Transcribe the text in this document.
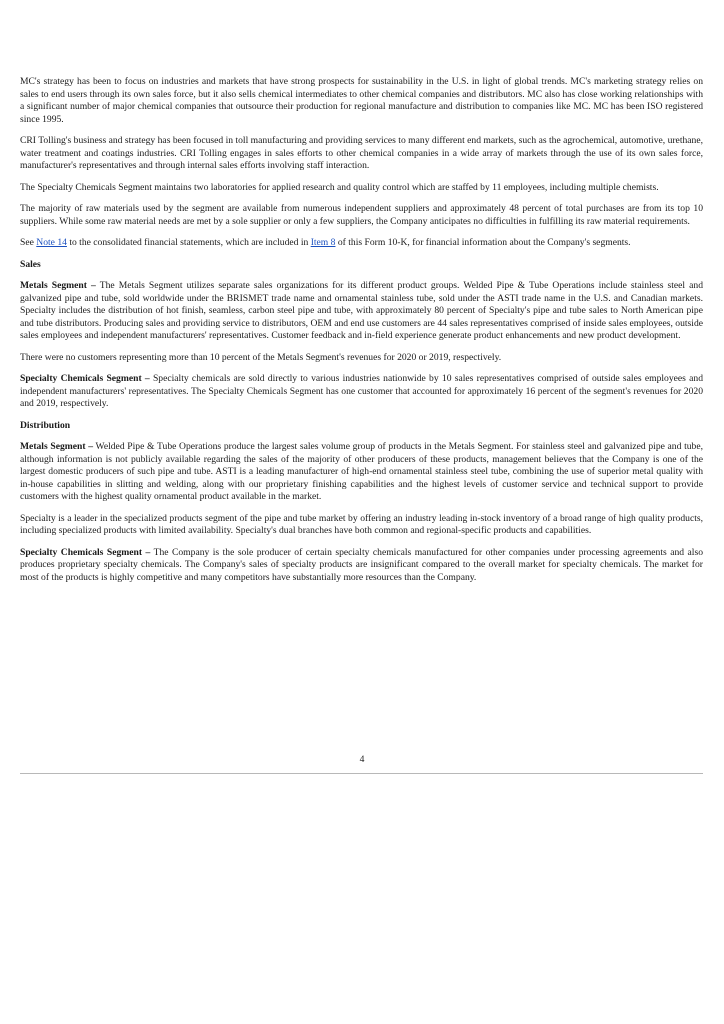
MC's strategy has been to focus on industries and markets that have strong prospects for sustainability in the U.S. in light of global trends. MC's marketing strategy relies on sales to end users through its own sales force, but it also sells chemical intermediates to other chemical companies and distributors. MC also has close working relationships with a significant number of major chemical companies that outsource their production for regional manufacture and distribution to companies like MC. MC has been ISO registered since 1995.

CRI Tolling's business and strategy has been focused in toll manufacturing and providing services to many different end markets, such as the agrochemical, automotive, urethane, water treatment and coatings industries. CRI Tolling engages in sales efforts to other chemical companies in a wide array of markets through the use of its own sales force, manufacturer's representatives and through internal sales efforts involving staff interaction.

The Specialty Chemicals Segment maintains two laboratories for applied research and quality control which are staffed by 11 employees, including multiple chemists.

The majority of raw materials used by the segment are available from numerous independent suppliers and approximately 48 percent of total purchases are from its top 10 suppliers. While some raw material needs are met by a sole supplier or only a few suppliers, the Company anticipates no difficulties in fulfilling its raw material requirements.

See Note 14 to the consolidated financial statements, which are included in Item 8 of this Form 10-K, for financial information about the Company's segments.

Sales

Metals Segment – The Metals Segment utilizes separate sales organizations for its different product groups. Welded Pipe & Tube Operations include stainless steel and galvanized pipe and tube, sold worldwide under the BRISMET trade name and ornamental stainless tube, sold under the ASTI trade name in the U.S. and Canadian markets. Specialty includes the distribution of hot finish, seamless, carbon steel pipe and tube, with approximately 80 percent of Specialty's pipe and tube sales to North American pipe and tube distributors. Producing sales and providing service to distributors, OEM and end use customers are 44 sales representatives comprised of inside sales employees, outside sales employees and independent manufacturers' representatives. Customer feedback and in-field experience generate product enhancements and new product development.

There were no customers representing more than 10 percent of the Metals Segment's revenues for 2020 or 2019, respectively.

Specialty Chemicals Segment – Specialty chemicals are sold directly to various industries nationwide by 10 sales representatives comprised of outside sales employees and independent manufacturers' representatives. The Specialty Chemicals Segment has one customer that accounted for approximately 16 percent of the segment's revenues for 2020 and 2019, respectively.

Distribution

Metals Segment – Welded Pipe & Tube Operations produce the largest sales volume group of products in the Metals Segment. For stainless steel and galvanized pipe and tube, although information is not publicly available regarding the sales of the majority of other producers of these products, management believes that the Company is one of the largest domestic producers of such pipe and tube. ASTI is a leading manufacturer of high-end ornamental stainless steel tube, combining the use of superior metal quality with in-house capabilities in slitting and welding, along with our proprietary finishing capabilities and the highest levels of customer service and technical support to provide customers with the highest quality ornamental product available in the market.

Specialty is a leader in the specialized products segment of the pipe and tube market by offering an industry leading in-stock inventory of a broad range of high quality products, including specialized products with limited availability. Specialty's dual branches have both common and regional-specific products and capabilities.

Specialty Chemicals Segment – The Company is the sole producer of certain specialty chemicals manufactured for other companies under processing agreements and also produces proprietary specialty chemicals. The Company's sales of specialty products are insignificant compared to the overall market for specialty chemicals. The market for most of the products is highly competitive and many competitors have substantially more resources than the Company.

4
